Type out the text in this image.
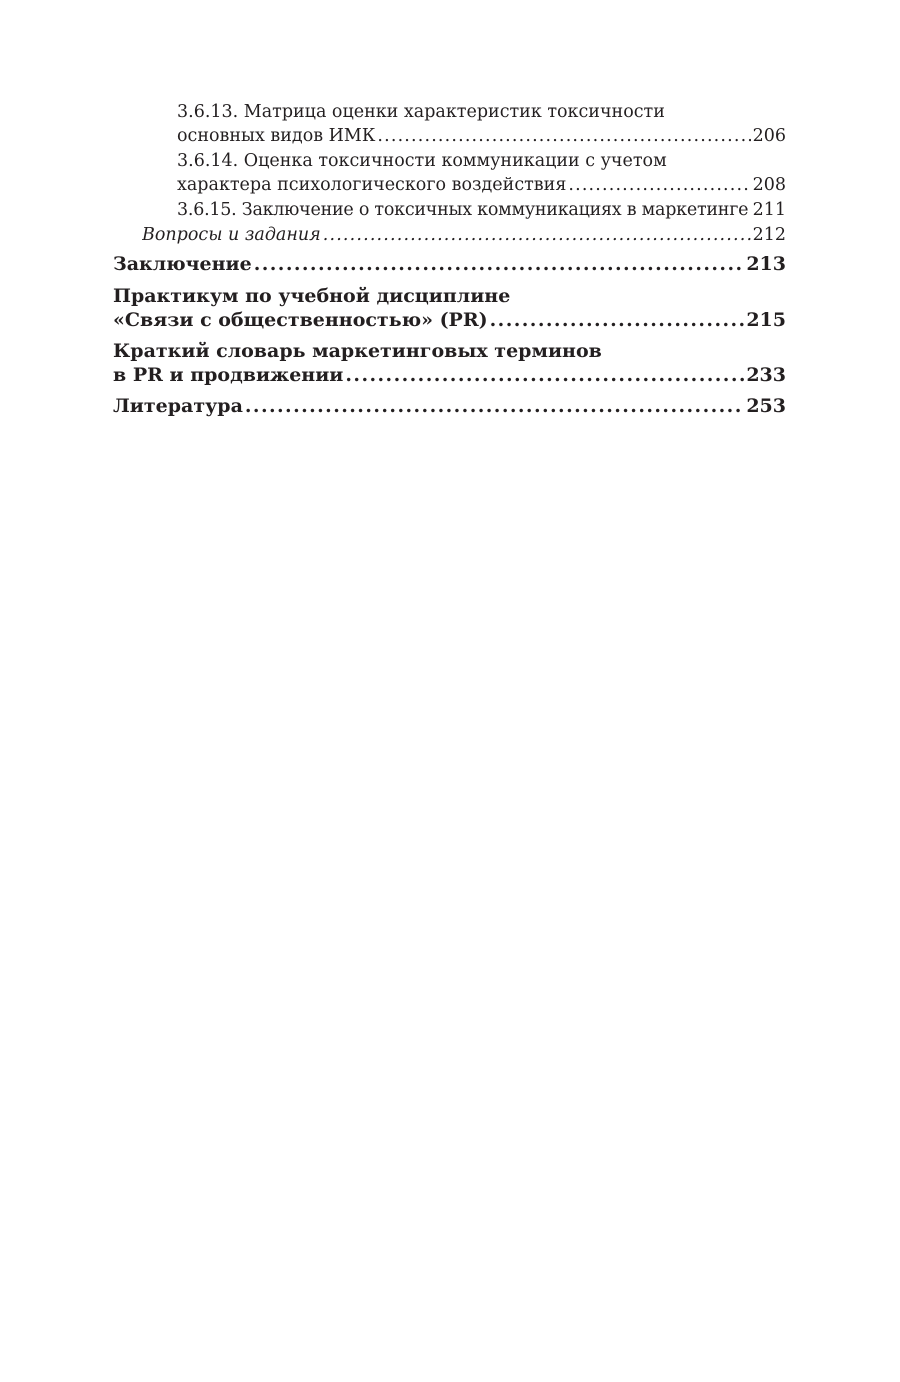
3.6.13. Матрица оценки характеристик токсичности
основных видов ИМК . . .	206
3.6.14. Оценка токсичности коммуникации с учетом
характера психологического воздействия . . .	208
3.6.15. Заключение о токсичных коммуникациях в маркетинге . . . 211
Вопросы и задания . . .	212
Заключение . . .	213
Практикум по учебной дисциплине
«Связи с общественностью» (PR) . . .	215
Краткий словарь маркетинговых терминов
в PR и продвижении . . .	233
Литература . . .	253
